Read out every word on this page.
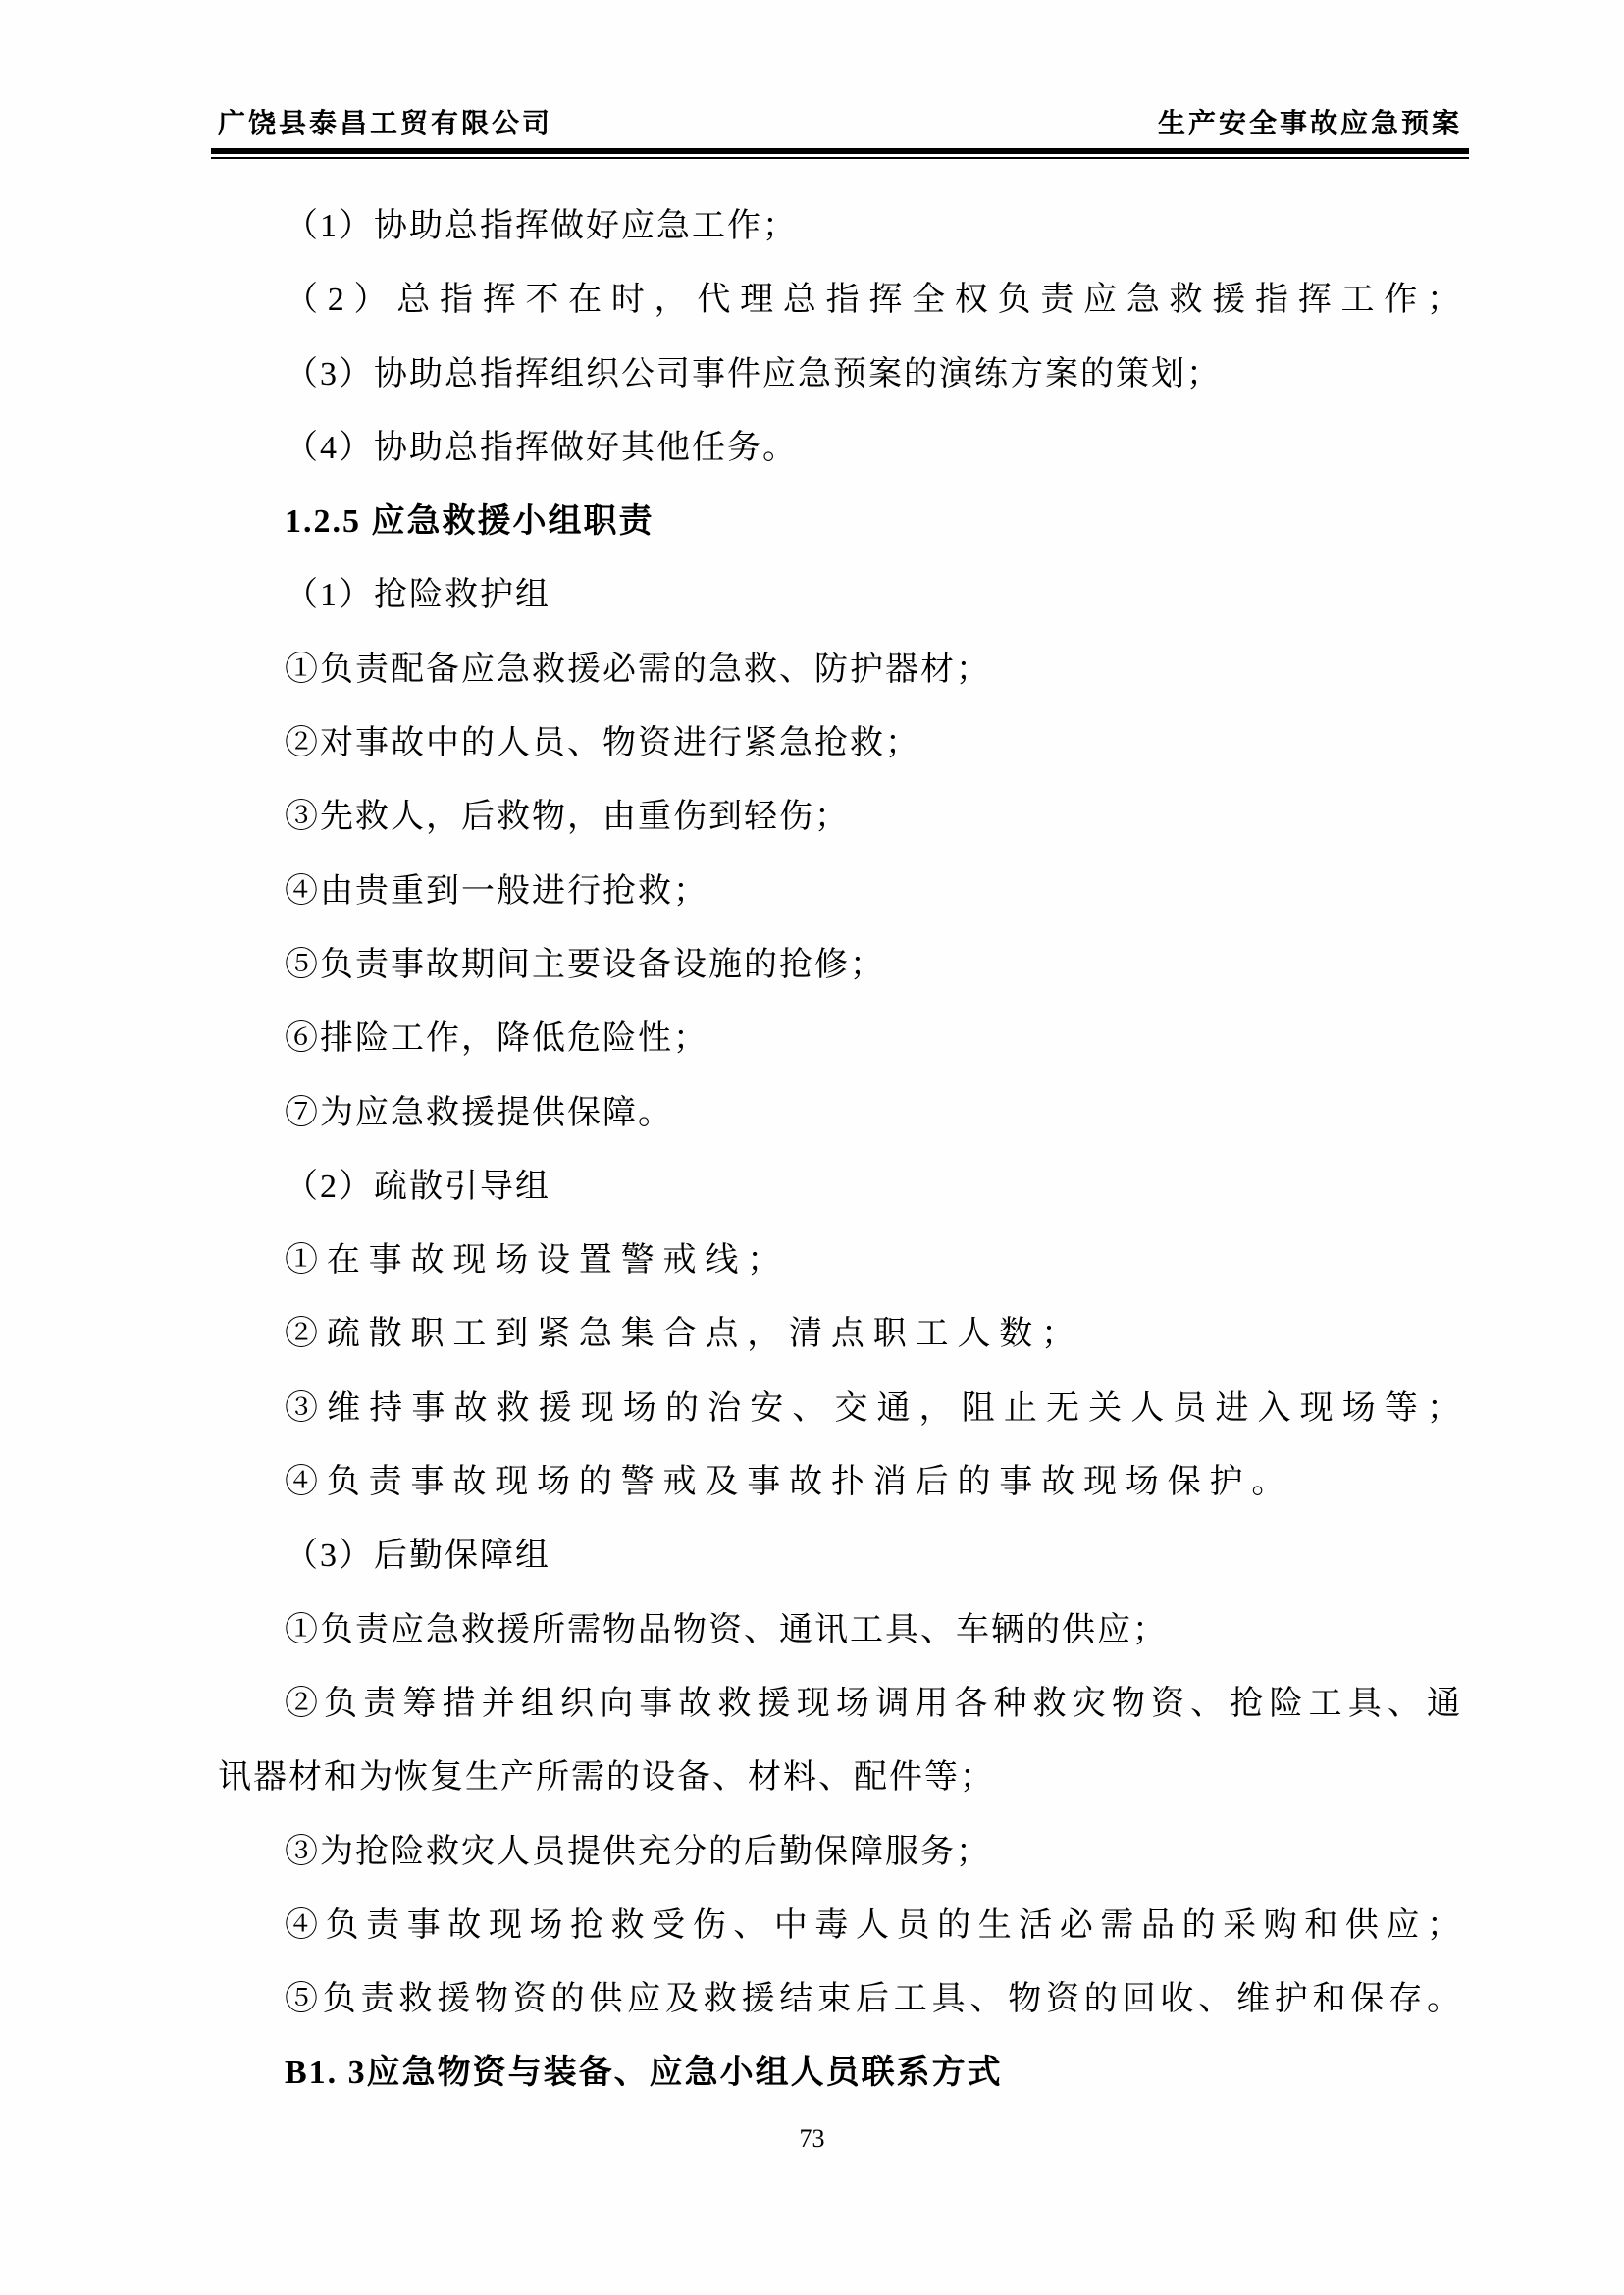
广饶县泰昌工贸有限公司	生产安全事故应急预案
（1）协助总指挥做好应急工作；
（2）总指挥不在时，代理总指挥全权负责应急救援指挥工作；
（3）协助总指挥组织公司事件应急预案的演练方案的策划；
（4）协助总指挥做好其他任务。
1.2.5 应急救援小组职责
（1）抢险救护组
①负责配备应急救援必需的急救、防护器材；
②对事故中的人员、物资进行紧急抢救；
③先救人，后救物，由重伤到轻伤；
④由贵重到一般进行抢救；
⑤负责事故期间主要设备设施的抢修；
⑥排险工作，降低危险性；
⑦为应急救援提供保障。
（2）疏散引导组
①在事故现场设置警戒线；
②疏散职工到紧急集合点，清点职工人数；
③维持事故救援现场的治安、交通，阻止无关人员进入现场等；
④负责事故现场的警戒及事故扑消后的事故现场保护。
（3）后勤保障组
①负责应急救援所需物品物资、通讯工具、车辆的供应；
②负责筹措并组织向事故救援现场调用各种救灾物资、抢险工具、通
讯器材和为恢复生产所需的设备、材料、配件等；
③为抢险救灾人员提供充分的后勤保障服务；
④负责事故现场抢救受伤、中毒人员的生活必需品的采购和供应；
⑤负责救援物资的供应及救援结束后工具、物资的回收、维护和保存。
B1. 3应急物资与装备、应急小组人员联系方式
73
